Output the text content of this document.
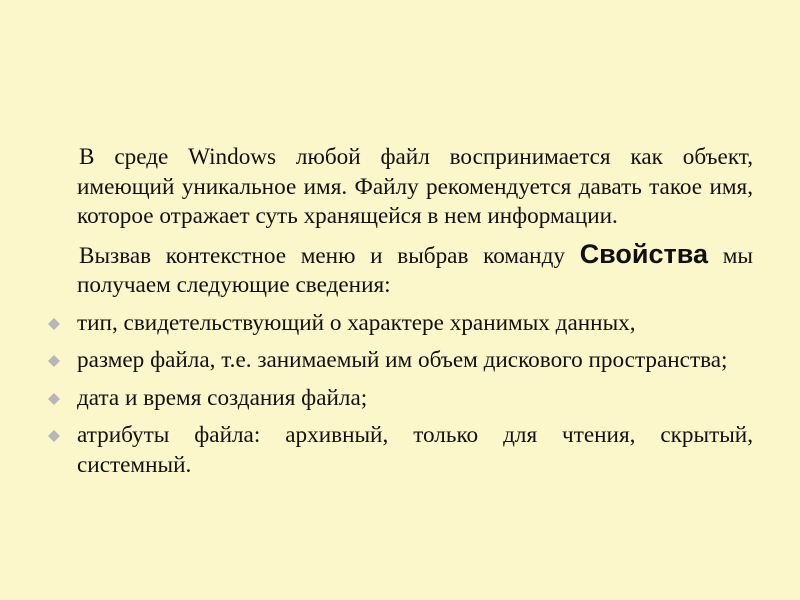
В среде Windows любой файл воспринимается как объект, имеющий уникальное имя. Файлу рекомендуется давать такое имя, которое отражает суть хранящейся в нем информации.

Вызвав контекстное меню и выбрав команду Свойства мы получаем следующие сведения:

тип, свидетельствующий о характере хранимых данных,
размер файла, т.е. занимаемый им объем дискового пространства;
дата и время создания файла;
атрибуты файла: архивный, только для чтения, скрытый, системный.
